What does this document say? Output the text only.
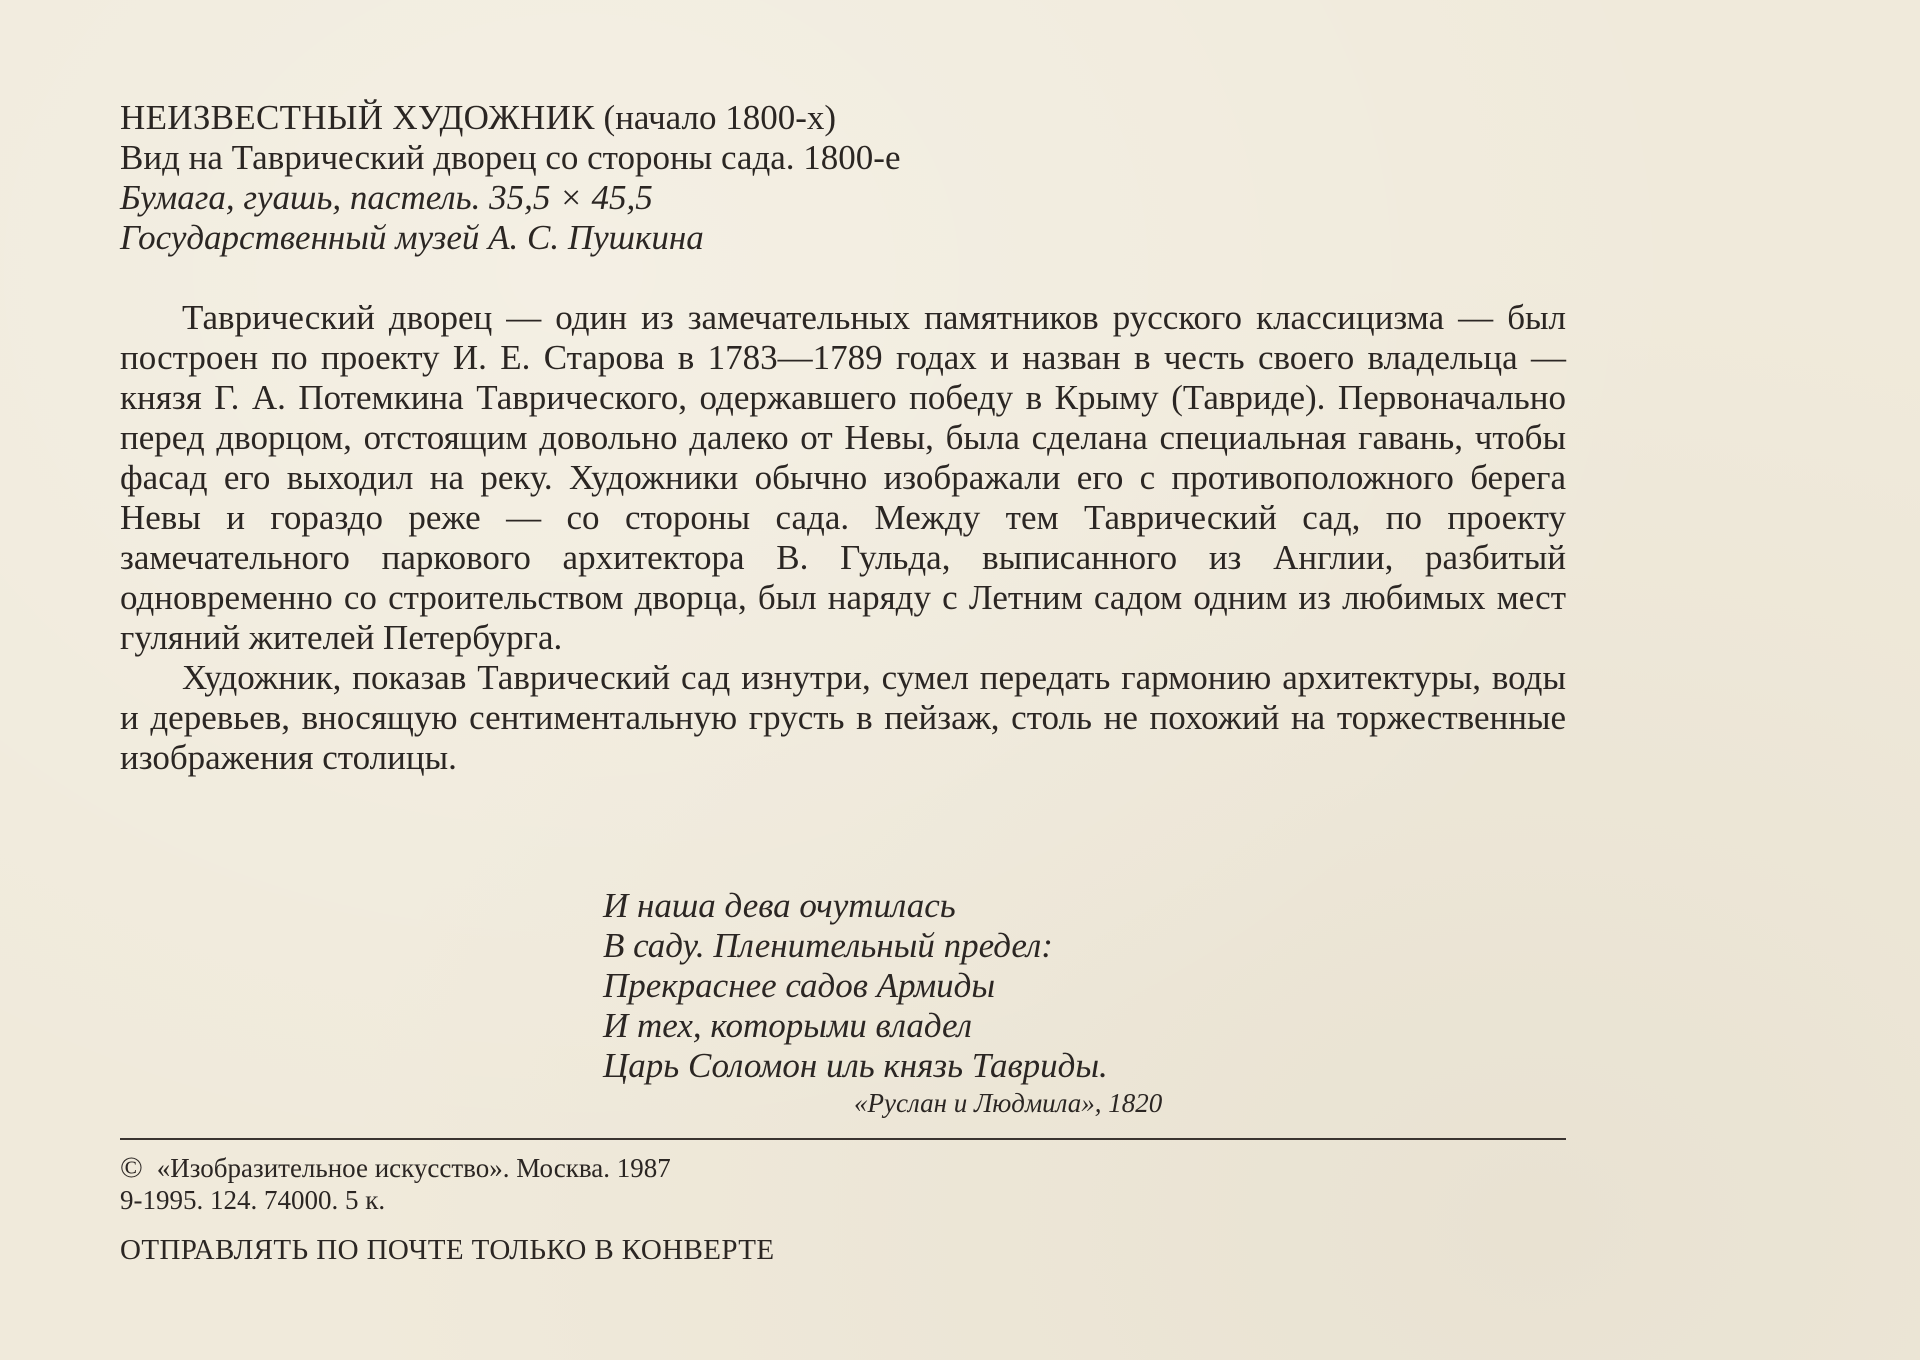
НЕИЗВЕСТНЫЙ ХУДОЖНИК (начало 1800-х)
Вид на Таврический дворец со стороны сада. 1800-е
Бумага, гуашь, пастель. 35,5 × 45,5
Государственный музей А. С. Пушкина

Таврический дворец — один из замечательных памятников русского классицизма — был построен по проекту И. Е. Старова в 1783—1789 годах и назван в честь своего владельца — князя Г. А. Потемкина Таврического, одержавшего победу в Крыму (Тавриде). Первоначально перед дворцом, отстоящим довольно далеко от Невы, была сделана специальная гавань, чтобы фасад его выходил на реку. Художники обычно изображали его с противоположного берега Невы и гораздо реже — со стороны сада. Между тем Таврический сад, по проекту замечательного паркового архитектора В. Гульда, выписанного из Англии, разбитый одновременно со строительством дворца, был наряду с Летним садом одним из любимых мест гуляний жителей Петербурга.

Художник, показав Таврический сад изнутри, сумел передать гармонию архитектуры, воды и деревьев, вносящую сентиментальную грусть в пейзаж, столь не похожий на торжественные изображения столицы.

И наша дева очутилась
В саду. Пленительный предел:
Прекраснее садов Армиды
И тех, которыми владел
Царь Соломон иль князь Тавриды.
«Руслан и Людмила», 1820
© «Изобразительное искусство». Москва. 1987
9-1995. 124. 74000. 5 к.
ОТПРАВЛЯТЬ ПО ПОЧТЕ ТОЛЬКО В КОНВЕРТЕ
